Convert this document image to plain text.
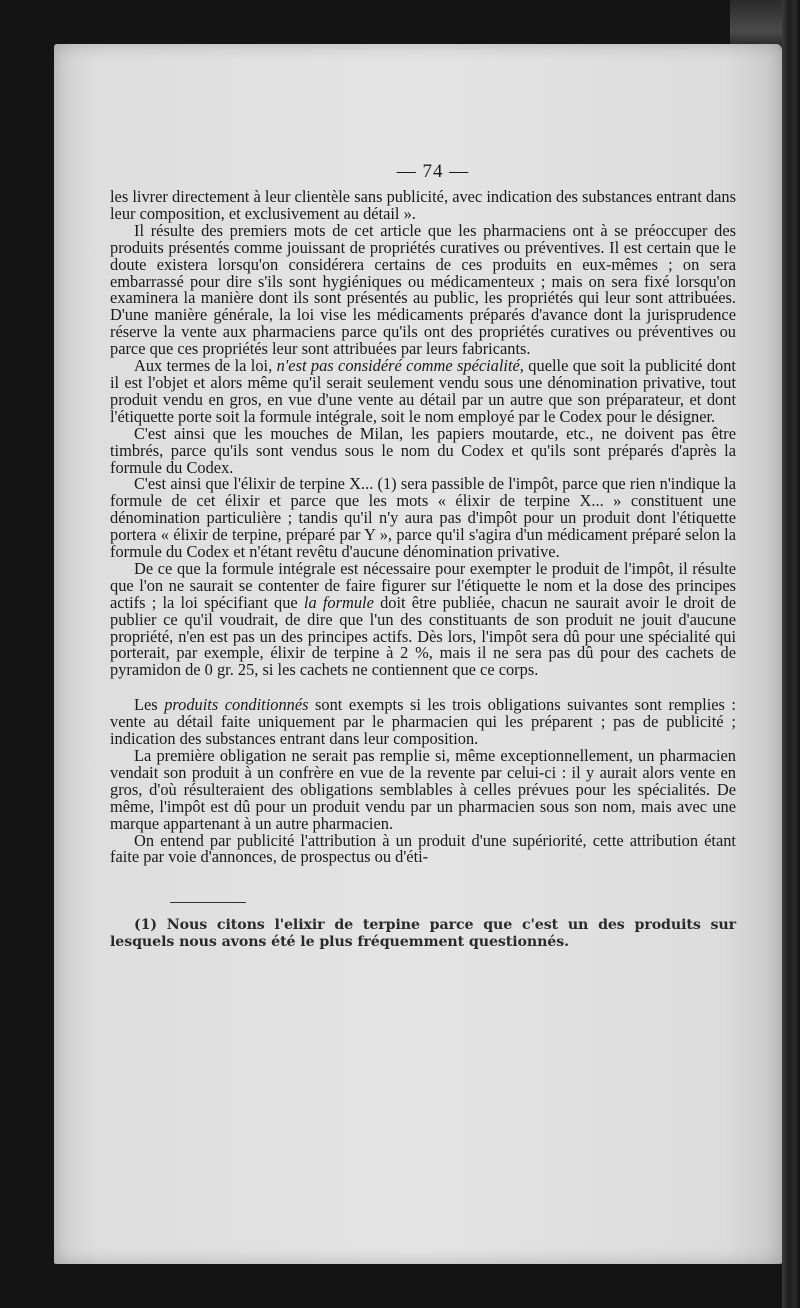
— 74 —

les livrer directement à leur clientèle sans publicité, avec indication des substances entrant dans leur composition, et exclusivement au détail ».

Il résulte des premiers mots de cet article que les pharmaciens ont à se préoccuper des produits présentés comme jouissant de propriétés curatives ou préventives. Il est certain que le doute existera lorsqu'on considérera certains de ces produits en eux-mêmes ; on sera embarrassé pour dire s'ils sont hygiéniques ou médicamenteux ; mais on sera fixé lorsqu'on examinera la manière dont ils sont présentés au public, les propriétés qui leur sont attribuées. D'une manière générale, la loi vise les médicaments préparés d'avance dont la jurisprudence réserve la vente aux pharmaciens parce qu'ils ont des propriétés curatives ou préventives ou parce que ces propriétés leur sont attribuées par leurs fabricants.

Aux termes de la loi, n'est pas considéré comme spécialité, quelle que soit la publicité dont il est l'objet et alors même qu'il serait seulement vendu sous une dénomination privative, tout produit vendu en gros, en vue d'une vente au détail par un autre que son préparateur, et dont l'étiquette porte soit la formule intégrale, soit le nom employé par le Codex pour le désigner.

C'est ainsi que les mouches de Milan, les papiers moutarde, etc., ne doivent pas être timbrés, parce qu'ils sont vendus sous le nom du Codex et qu'ils sont préparés d'après la formule du Codex.

C'est ainsi que l'élixir de terpine X... (1) sera passible de l'impôt, parce que rien n'indique la formule de cet élixir et parce que les mots « élixir de terpine X... » constituent une dénomination particulière ; tandis qu'il n'y aura pas d'impôt pour un produit dont l'étiquette portera « élixir de terpine, préparé par Y », parce qu'il s'agira d'un médicament préparé selon la formule du Codex et n'étant revêtu d'aucune dénomination privative.

De ce que la formule intégrale est nécessaire pour exempter le produit de l'impôt, il résulte que l'on ne saurait se contenter de faire figurer sur l'étiquette le nom et la dose des principes actifs ; la loi spécifiant que la formule doit être publiée, chacun ne saurait avoir le droit de publier ce qu'il voudrait, de dire que l'un des constituants de son produit ne jouit d'aucune propriété, n'en est pas un des principes actifs. Dès lors, l'impôt sera dû pour une spécialité qui porterait, par exemple, élixir de terpine à 2 %, mais il ne sera pas dû pour des cachets de pyramidon de 0 gr. 25, si les cachets ne contiennent que ce corps.

Les produits conditionnés sont exempts si les trois obligations suivantes sont remplies : vente au détail faite uniquement par le pharmacien qui les préparent ; pas de publicité ; indication des substances entrant dans leur composition.

La première obligation ne serait pas remplie si, même exceptionnellement, un pharmacien vendait son produit à un confrère en vue de la revente par celui-ci : il y aurait alors vente en gros, d'où résulteraient des obligations semblables à celles prévues pour les spécialités. De même, l'impôt est dû pour un produit vendu par un pharmacien sous son nom, mais avec une marque appartenant à un autre pharmacien.

On entend par publicité l'attribution à un produit d'une supériorité, cette attribution étant faite par voie d'annonces, de prospectus ou d'éti-

(1) Nous citons l'elixir de terpine parce que c'est un des produits sur lesquels nous avons été le plus fréquemment questionnés.
